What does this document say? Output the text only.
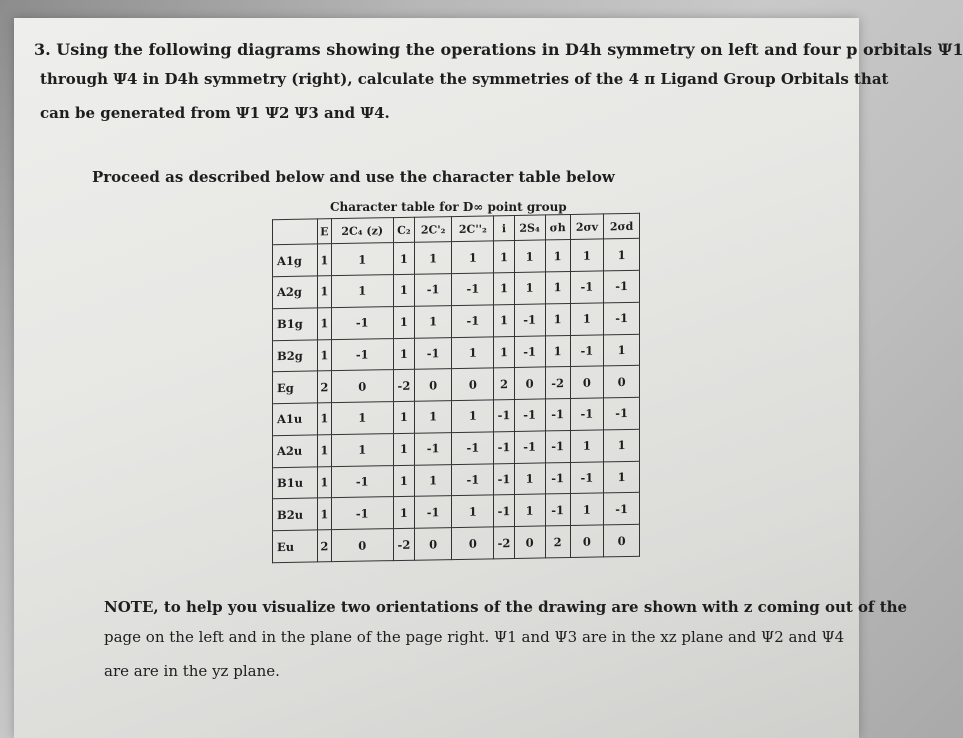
3. Using the following diagrams showing the operations in D4h symmetry on left and four p orbitals Ψ1
through Ψ4 in D4h symmetry (right), calculate the symmetries of the 4 π Ligand Group Orbitals that
can be generated from Ψ1 Ψ2 Ψ3 and Ψ4.
Proceed as described below and use the character table below
Character table for D∞ point group
	E	2C₄ (z)	C₂	2C'₂	2C''₂	i	2S₄	σh	2σv	2σd
A1g	1	1	1	1	1	1	1	1	1	1
A2g	1	1	1	-1	-1	1	1	1	-1	-1
B1g	1	-1	1	1	-1	1	-1	1	1	-1
B2g	1	-1	1	-1	1	1	-1	1	-1	1
Eg	2	0	-2	0	0	2	0	-2	0	0
A1u	1	1	1	1	1	-1	-1	-1	-1	-1
A2u	1	1	1	-1	-1	-1	-1	-1	1	1
B1u	1	-1	1	1	-1	-1	1	-1	-1	1
B2u	1	-1	1	-1	1	-1	1	-1	1	-1
Eu	2	0	-2	0	0	-2	0	2	0	0
NOTE, to help you visualize two orientations of the drawing are shown with z coming out of the
page on the left and in the plane of the page right. Ψ1 and Ψ3 are in the xz plane and Ψ2 and Ψ4
are are in the yz plane.
